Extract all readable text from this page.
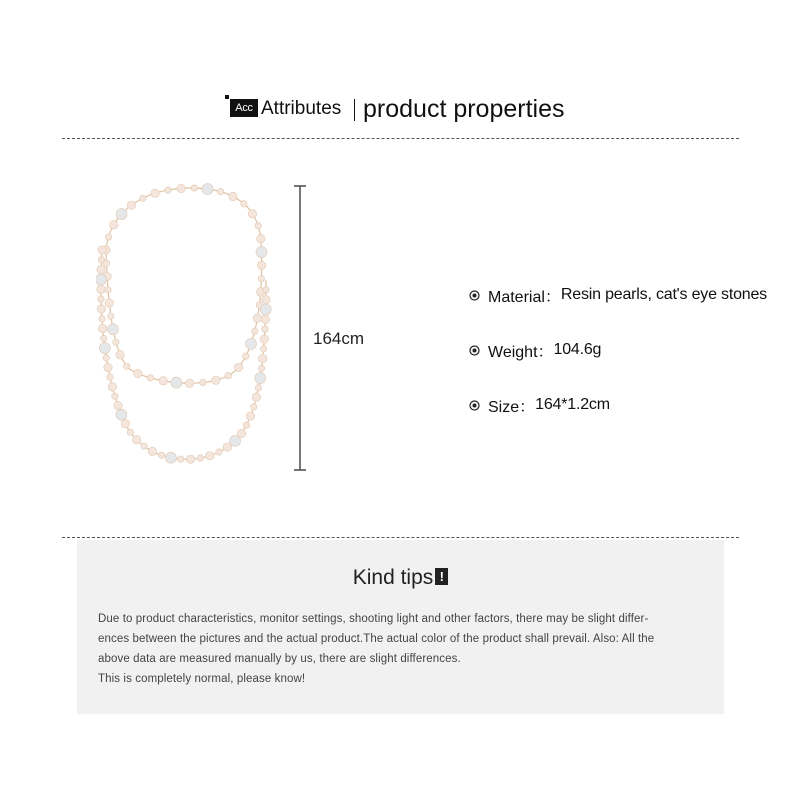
Acc Attributes product properties
164cm
Material： Resin pearls, cat's eye stones
Weight： 104.6g
Size： 164*1.2cm
Kind tips !
Due to product characteristics, monitor settings, shooting light and other factors, there may be slight differ-
ences between the pictures and the actual product.The actual color of the product shall prevail. Also: All the
above data are measured manually by us, there are slight differences.
This is completely normal, please know!
